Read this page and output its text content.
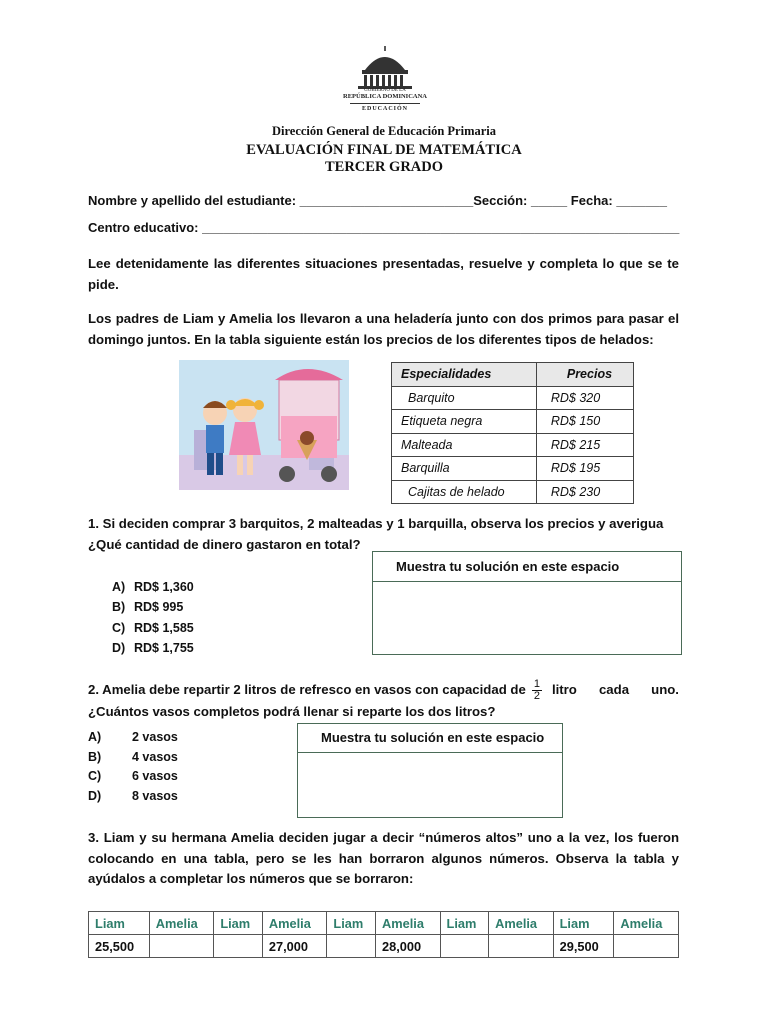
GOBIERNO DE LA
REPÚBLICA DOMINICANA
EDUCACIÓN
Dirección General de Educación Primaria
EVALUACIÓN FINAL DE MATEMÁTICA
TERCER GRADO
Nombre y apellido del estudiante: ________________________Sección: _____ Fecha: _______
Centro educativo: __________________________________________________________________
Lee detenidamente las diferentes situaciones presentadas, resuelve y completa lo que se te pide.
Los padres de Liam y Amelia los llevaron a una heladería junto con dos primos para pasar el domingo juntos. En la tabla siguiente están los precios de los diferentes tipos de helados:
Especialidades	Precios
Barquito	RD$ 320
Etiqueta negra	RD$ 150
Malteada	RD$ 215
Barquilla	RD$ 195
Cajitas de helado	RD$ 230
1. Si deciden comprar 3 barquitos, 2 malteadas y 1 barquilla, observa los precios y averigua ¿Qué cantidad de dinero gastaron en total?
A) RD$ 1,360
B) RD$ 995
C) RD$ 1,585
D) RD$ 1,755
Muestra tu solución en este espacio
2. Amelia debe repartir 2 litros de refresco en vasos con capacidad de $\frac{1}{2}$ litro cada uno.
¿Cuántos vasos completos podrá llenar si reparte los dos litros?
A) 2 vasos
B) 4 vasos
C) 6 vasos
D) 8 vasos
Muestra tu solución en este espacio
3. Liam y su hermana Amelia deciden jugar a decir “números altos” uno a la vez, los fueron colocando en una tabla, pero se les han borraron algunos números. Observa la tabla y ayúdalos a completar los números que se borraron:
Liam	Amelia	Liam	Amelia	Liam	Amelia	Liam	Amelia	Liam	Amelia
25,500			27,000		28,000			29,500	
